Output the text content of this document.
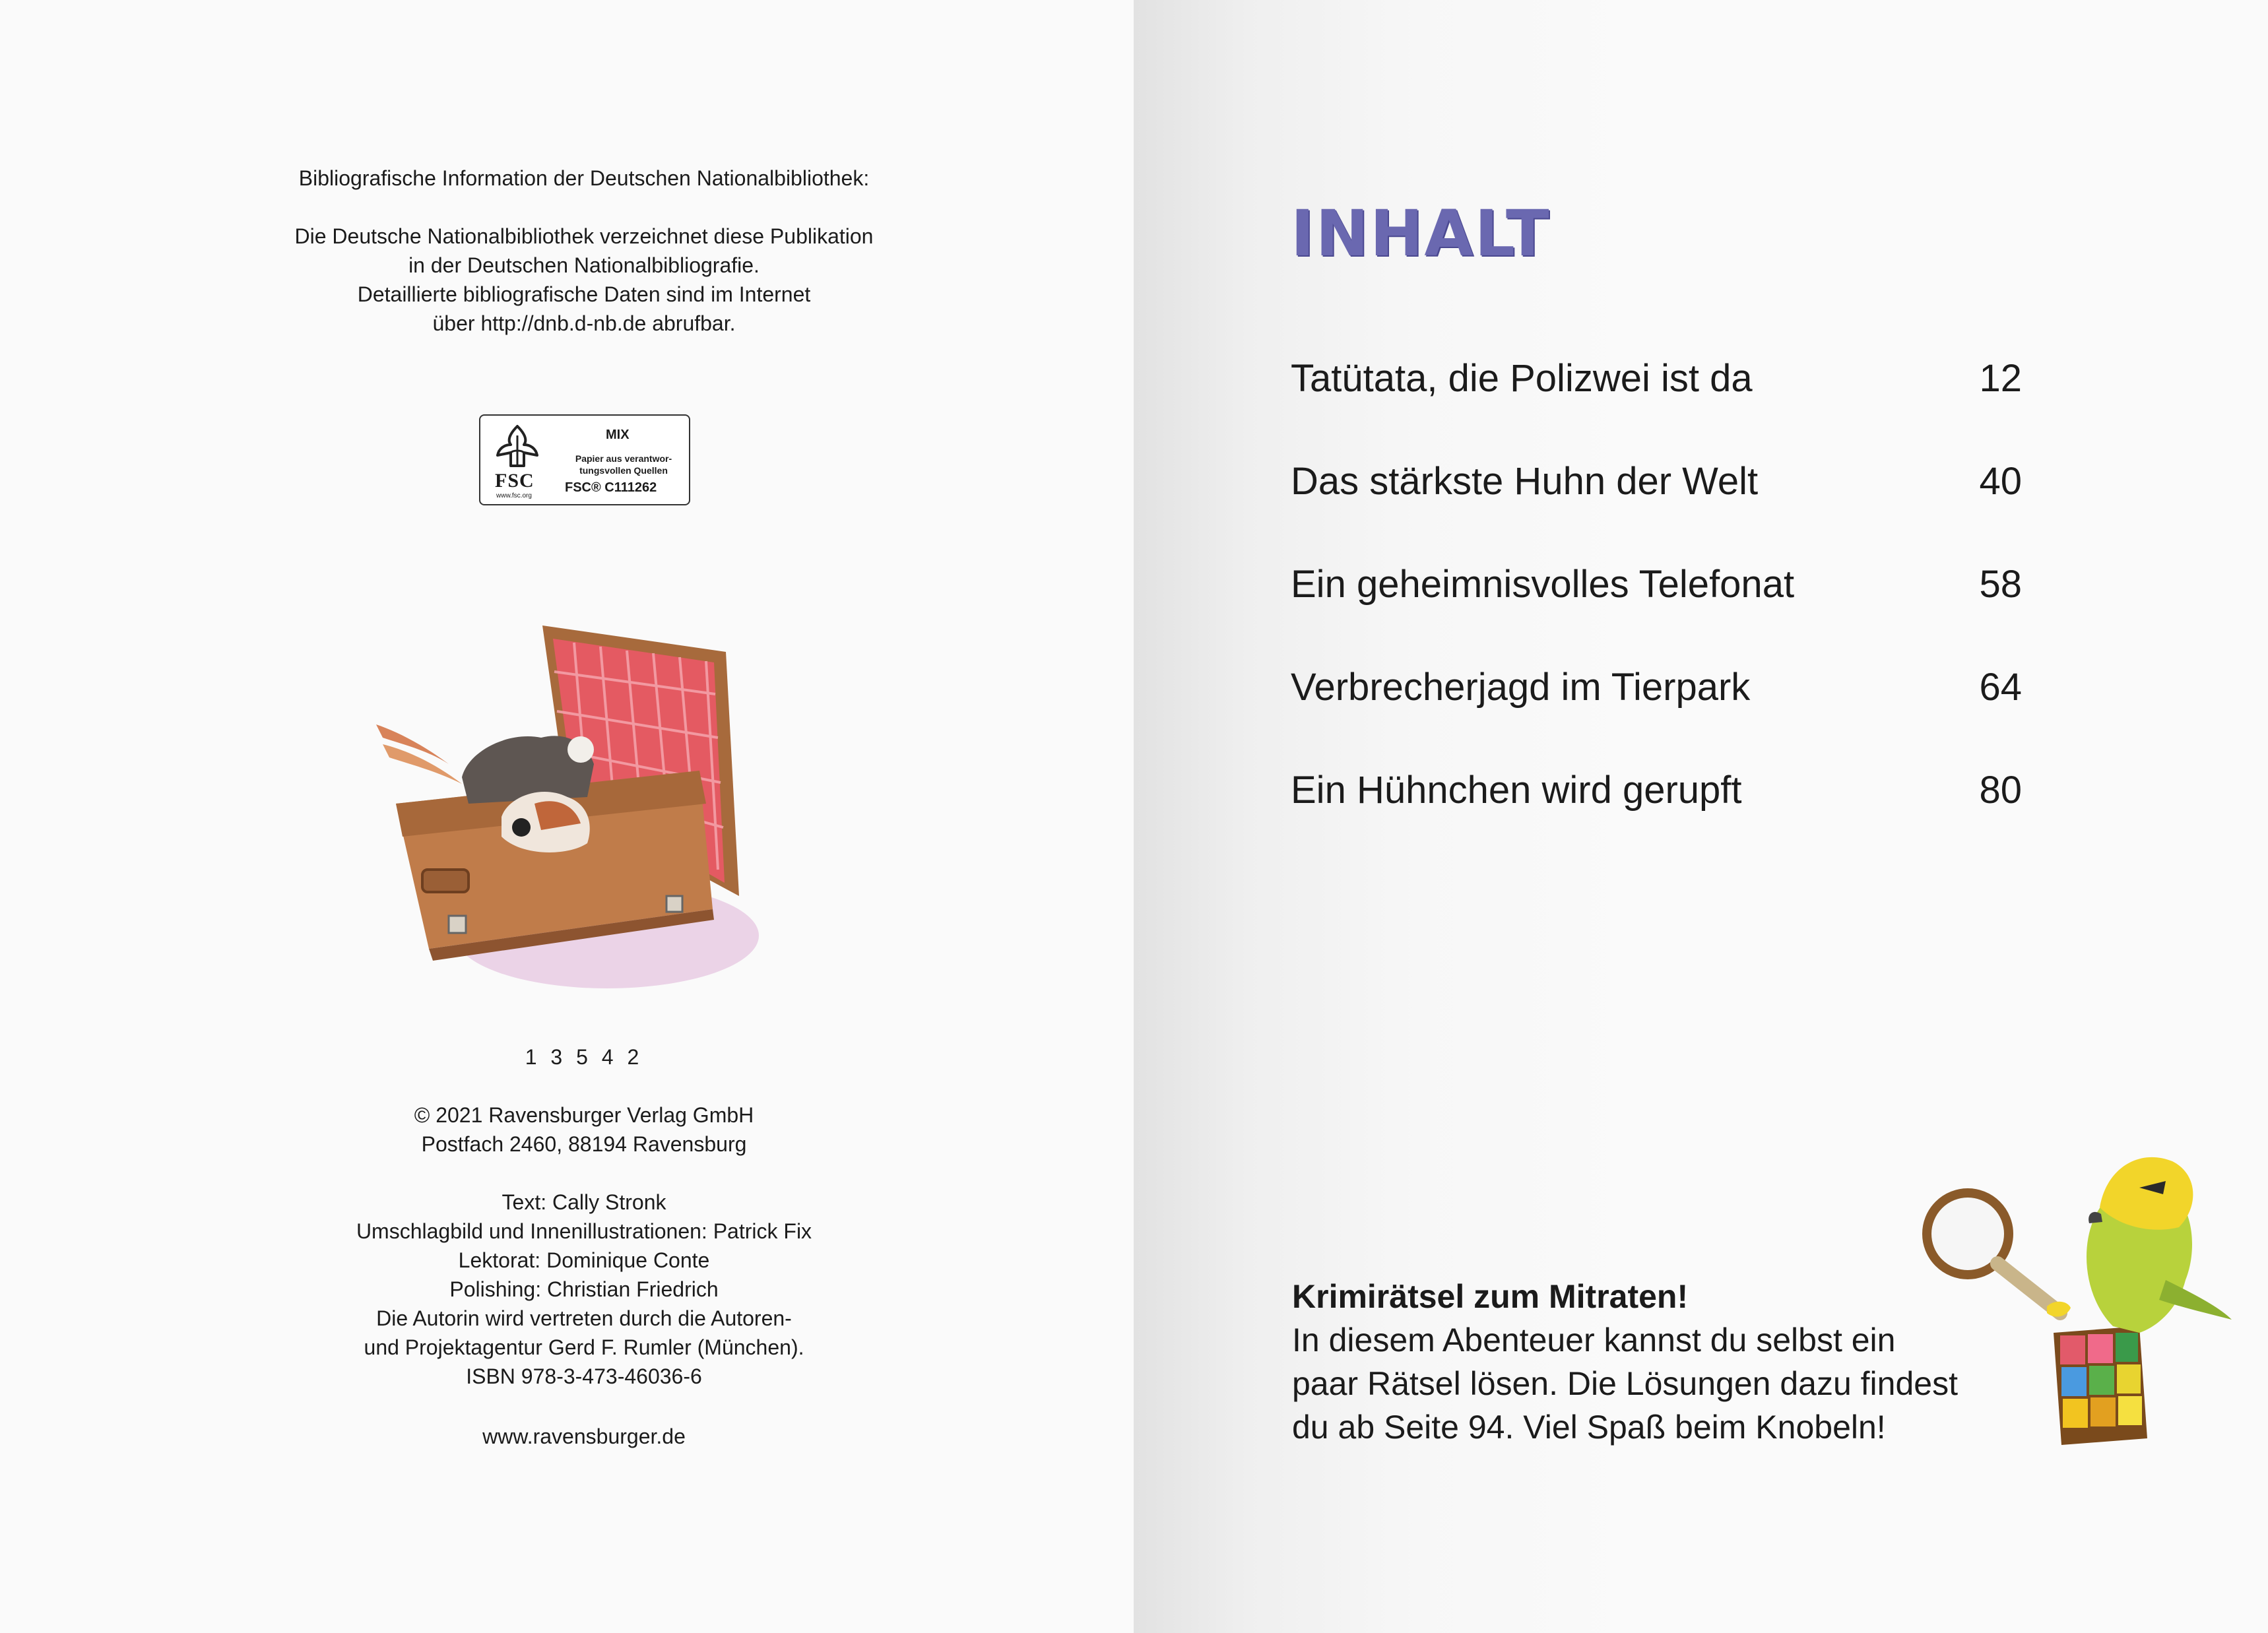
Bibliografische Information der Deutschen Nationalbibliothek:
Die Deutsche Nationalbibliothek verzeichnet diese Publikation
in der Deutschen Nationalbibliografie.
Detaillierte bibliografische Daten sind im Internet
über http://dnb.d-nb.de abrufbar.
FSC
www.fsc.org
MIX
Papier aus verantwor-
tungsvollen Quellen
FSC® C111262
1 3 5 4 2
© 2021 Ravensburger Verlag GmbH
Postfach 2460, 88194 Ravensburg
Text: Cally Stronk
Umschlagbild und Innenillustrationen: Patrick Fix
Lektorat: Dominique Conte
Polishing: Christian Friedrich
Die Autorin wird vertreten durch die Autoren-
und Projektagentur Gerd F. Rumler (München).
ISBN 978-3-473-46036-6
www.ravensburger.de
INHALT
Tatütata, die Polizwei ist da	12
Das stärkste Huhn der Welt	40
Ein geheimnisvolles Telefonat	58
Verbrecherjagd im Tierpark	64
Ein Hühnchen wird gerupft	80
Krimirätsel zum Mitraten!
In diesem Abenteuer kannst du selbst ein
paar Rätsel lösen. Die Lösungen dazu findest
du ab Seite 94. Viel Spaß beim Knobeln!
